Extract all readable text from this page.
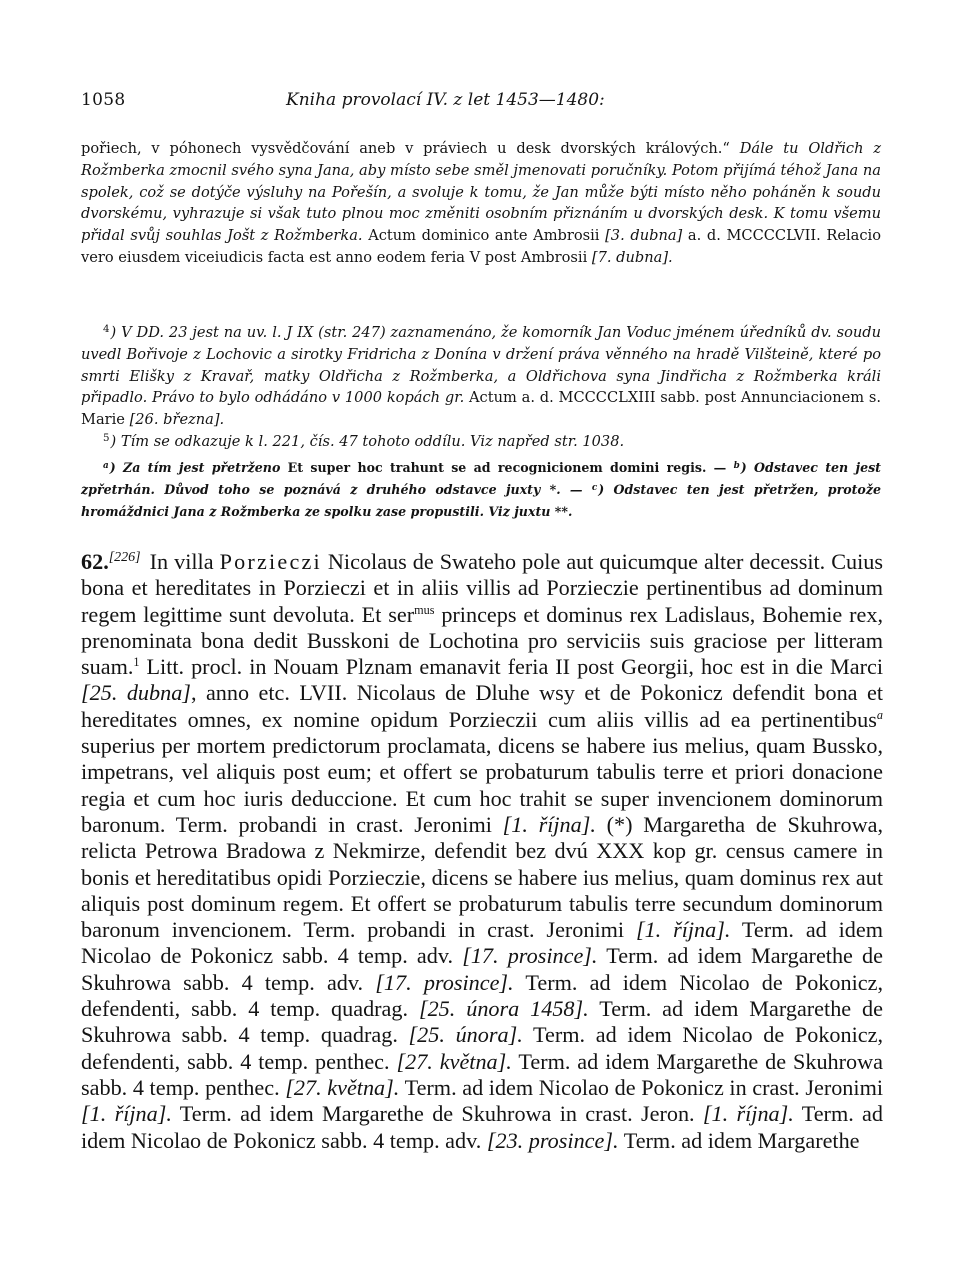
1058	Kniha provolací IV. z let 1453—1480:

pořiech, v póhonech vysvědčování aneb v práviech u desk dvorských králových.“ Dále tu Oldřich z Rožmberka zmocnil svého syna Jana, aby místo sebe směl jmenovati poručníky. Potom přijímá téhož Jana na spolek, což se dotýče výsluhy na Pořešín, a svoluje k tomu, že Jan může býti místo něho poháněn k soudu dvorskému, vyhrazuje si však tuto plnou moc změniti osobním přiznáním u dvorských desk. K tomu všemu přidal svůj souhlas Jošt z Rožmberka. Actum dominico ante Ambrosii [3. dubna] a. d. MCCCCLVII. Relacio vero eiusdem viceiudicis facta est anno eodem feria V post Ambrosii [7. dubna].

$^4$) V DD. 23 jest na uv. l. J IX (str. 247) zaznamenáno, že komorník Jan Voduc jménem úředníků dv. soudu uvedl Bořivoje z Lochovic a sirotky Fridricha z Donína v držení práva věnného na hradě Vilšteině, které po smrti Elišky z Kravař, matky Oldřicha z Rožmberka, a Oldřichova syna Jindřicha z Rožmberka králi připadlo. Právo to bylo odhádáno v 1000 kopách gr. Actum a. d. MCCCCLXIII sabb. post Annunciacionem s. Marie [26. března].

$^5$) Tím se odkazuje k l. 221, čís. 47 tohoto oddílu. Viz napřed str. 1038.

$^a$) Za tím jest přetrženo Et super hoc trahunt se ad recognicionem domini regis. — $^b$) Odstavec ten jest zpřetrhán. Důvod toho se poznává z druhého odstavce juxty *. — $^c$) Odstavec ten jest přetržen, protože hromáždnici Jana z Rožmberka ze spolku zase propustili. Viz juxtu **.

62.[226] In villa Porzieczi Nicolaus de Swateho pole aut quicumque alter decessit. Cuius bona et hereditates in Porzieczi et in aliis villis ad Porzieczie pertinentibus ad dominum regem legittime sunt devoluta. Et ser$^{mus}$ princeps et dominus rex Ladislaus, Bohemie rex, prenominata bona dedit Busskoni de Lochotina pro serviciis suis graciose per litteram suam.$^1$ Litt. procl. in Nouam Plznam emanavit feria II post Georgii, hoc est in die Marci [25. dubna], anno etc. LVII. Nicolaus de Dluhe wsy et de Pokonicz defendit bona et hereditates omnes, ex nomine opidum Porzieczii cum aliis villis ad ea pertinentibus$^a$ superius per mortem predictorum proclamata, dicens se habere ius melius, quam Bussko, impetrans, vel aliquis post eum; et offert se probaturum tabulis terre et priori donacione regia et cum hoc iuris deduccione. Et cum hoc trahit se super invencionem dominorum baronum. Term. probandi in crast. Jeronimi [1. října]. (*) Margaretha de Skuhrowa, relicta Petrowa Bradowa z Nekmirze, defendit bez dvú XXX kop gr. census camere in bonis et hereditatibus opidi Porzieczie, dicens se habere ius melius, quam dominus rex aut aliquis post dominum regem. Et offert se probaturum tabulis terre secundum dominorum baronum invencionem. Term. probandi in crast. Jeronimi [1. října]. Term. ad idem Nicolao de Pokonicz sabb. 4 temp. adv. [17. prosince]. Term. ad idem Margarethe de Skuhrowa sabb. 4 temp. adv. [17. prosince]. Term. ad idem Nicolao de Pokonicz, defendenti, sabb. 4 temp. quadrag. [25. února 1458]. Term. ad idem Margarethe de Skuhrowa sabb. 4 temp. quadrag. [25. února]. Term. ad idem Nicolao de Pokonicz, defendenti, sabb. 4 temp. penthec. [27. května]. Term. ad idem Margarethe de Skuhrowa sabb. 4 temp. penthec. [27. května]. Term. ad idem Nicolao de Pokonicz in crast. Jeronimi [1. října]. Term. ad idem Margarethe de Skuhrowa in crast. Jeron. [1. října]. Term. ad idem Nicolao de Pokonicz sabb. 4 temp. adv. [23. prosince]. Term. ad idem Margarethe
